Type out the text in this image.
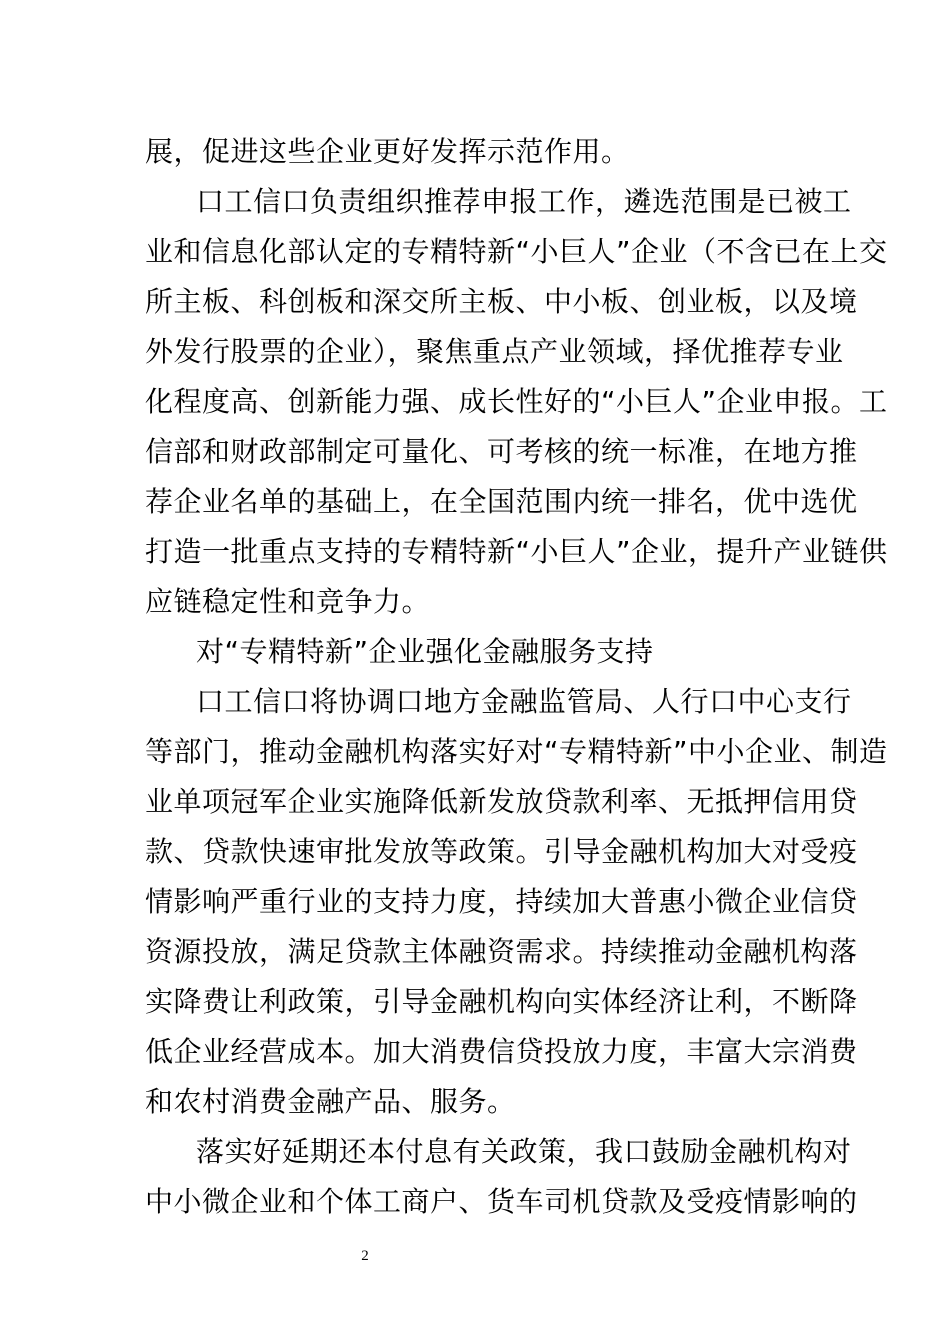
展，促进这些企业更好发挥示范作用。
口工信口负责组织推荐申报工作，遴选范围是已被工
业和信息化部认定的专精特新“小巨人”企业（不含已在上交
所主板、科创板和深交所主板、中小板、创业板，以及境
外发行股票的企业），聚焦重点产业领域，择优推荐专业
化程度高、创新能力强、成长性好的“小巨人”企业申报。工
信部和财政部制定可量化、可考核的统一标准，在地方推
荐企业名单的基础上，在全国范围内统一排名，优中选优
打造一批重点支持的专精特新“小巨人”企业，提升产业链供
应链稳定性和竞争力。
对“专精特新”企业强化金融服务支持
口工信口将协调口地方金融监管局、人行口中心支行
等部门，推动金融机构落实好对“专精特新”中小企业、制造
业单项冠军企业实施降低新发放贷款利率、无抵押信用贷
款、贷款快速审批发放等政策。引导金融机构加大对受疫
情影响严重行业的支持力度，持续加大普惠小微企业信贷
资源投放，满足贷款主体融资需求。持续推动金融机构落
实降费让利政策，引导金融机构向实体经济让利，不断降
低企业经营成本。加大消费信贷投放力度，丰富大宗消费
和农村消费金融产品、服务。
落实好延期还本付息有关政策，我口鼓励金融机构对
中小微企业和个体工商户、货车司机贷款及受疫情影响的
2
